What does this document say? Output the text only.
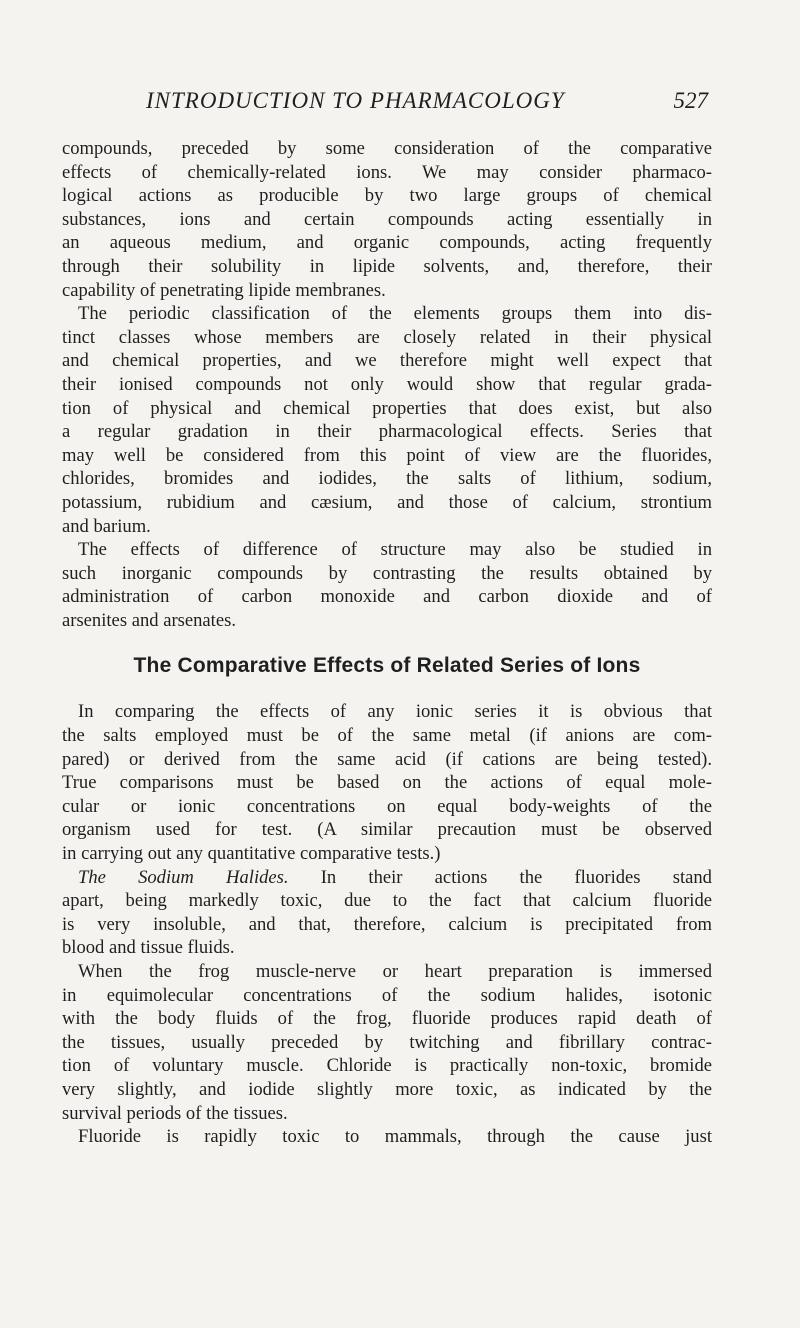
INTRODUCTION TO PHARMACOLOGY	527
compounds, preceded by some consideration of the comparative
effects of chemically-related ions. We may consider pharmaco-
logical actions as producible by two large groups of chemical
substances, ions and certain compounds acting essentially in
an aqueous medium, and organic compounds, acting frequently
through their solubility in lipide solvents, and, therefore, their
capability of penetrating lipide membranes.
The periodic classification of the elements groups them into dis-
tinct classes whose members are closely related in their physical
and chemical properties, and we therefore might well expect that
their ionised compounds not only would show that regular grada-
tion of physical and chemical properties that does exist, but also
a regular gradation in their pharmacological effects. Series that
may well be considered from this point of view are the fluorides,
chlorides, bromides and iodides, the salts of lithium, sodium,
potassium, rubidium and cæsium, and those of calcium, strontium
and barium.
The effects of difference of structure may also be studied in
such inorganic compounds by contrasting the results obtained by
administration of carbon monoxide and carbon dioxide and of
arsenites and arsenates.
The Comparative Effects of Related Series of Ions
In comparing the effects of any ionic series it is obvious that
the salts employed must be of the same metal (if anions are com-
pared) or derived from the same acid (if cations are being tested).
True comparisons must be based on the actions of equal mole-
cular or ionic concentrations on equal body-weights of the
organism used for test. (A similar precaution must be observed
in carrying out any quantitative comparative tests.)
The Sodium Halides. In their actions the fluorides stand
apart, being markedly toxic, due to the fact that calcium fluoride
is very insoluble, and that, therefore, calcium is precipitated from
blood and tissue fluids.
When the frog muscle-nerve or heart preparation is immersed
in equimolecular concentrations of the sodium halides, isotonic
with the body fluids of the frog, fluoride produces rapid death of
the tissues, usually preceded by twitching and fibrillary contrac-
tion of voluntary muscle. Chloride is practically non-toxic, bromide
very slightly, and iodide slightly more toxic, as indicated by the
survival periods of the tissues.
Fluoride is rapidly toxic to mammals, through the cause just
